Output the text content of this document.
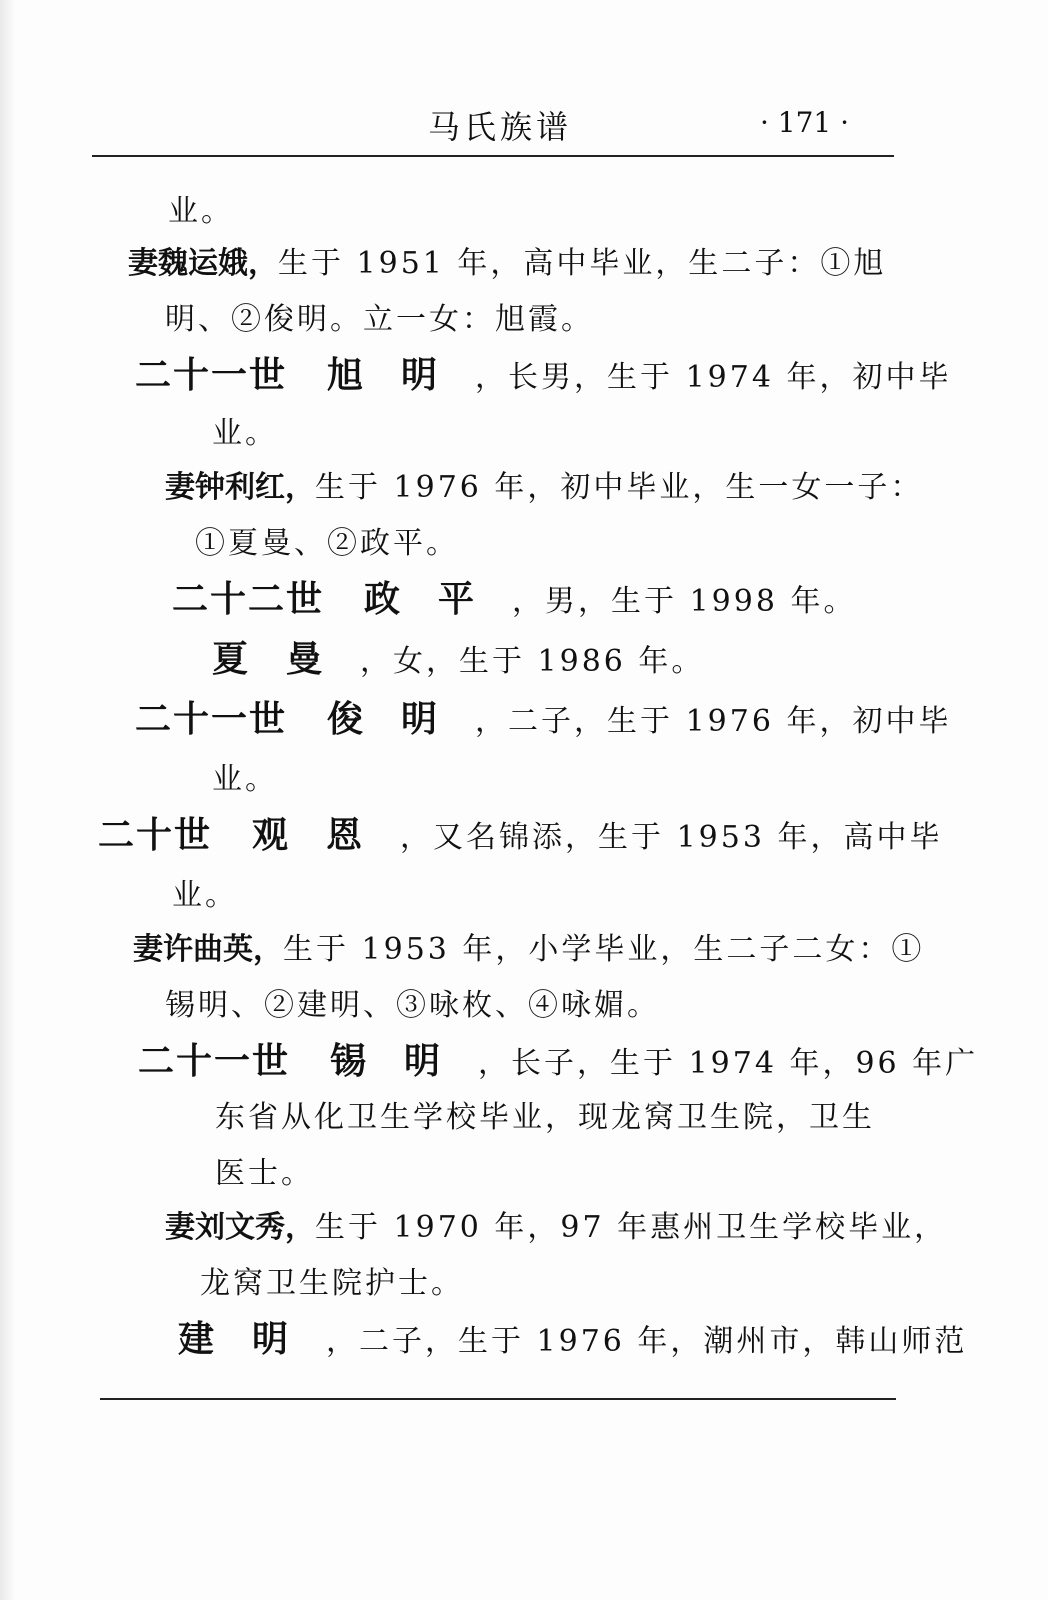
马氏族谱	· 171 ·
业。
妻魏运娥，生于 1951 年，高中毕业，生二子：①旭
明、②俊明。立一女：旭霞。
二十一世 旭明，长男，生于 1974 年，初中毕
业。
妻钟利红，生于 1976 年，初中毕业，生一女一子：
①夏曼、②政平。
二十二世 政平，男，生于 1998 年。
夏曼，女，生于 1986 年。
二十一世 俊明，二子，生于 1976 年，初中毕
业。
二十世 观恩，又名锦添，生于 1953 年，高中毕
业。
妻许曲英，生于 1953 年，小学毕业，生二子二女：①
锡明、②建明、③咏枚、④咏媚。
二十一世 锡明，长子，生于 1974 年，96 年广
东省从化卫生学校毕业，现龙窝卫生院，卫生
医士。
妻刘文秀，生于 1970 年，97 年惠州卫生学校毕业，
龙窝卫生院护士。
建明，二子，生于 1976 年，潮州市，韩山师范
